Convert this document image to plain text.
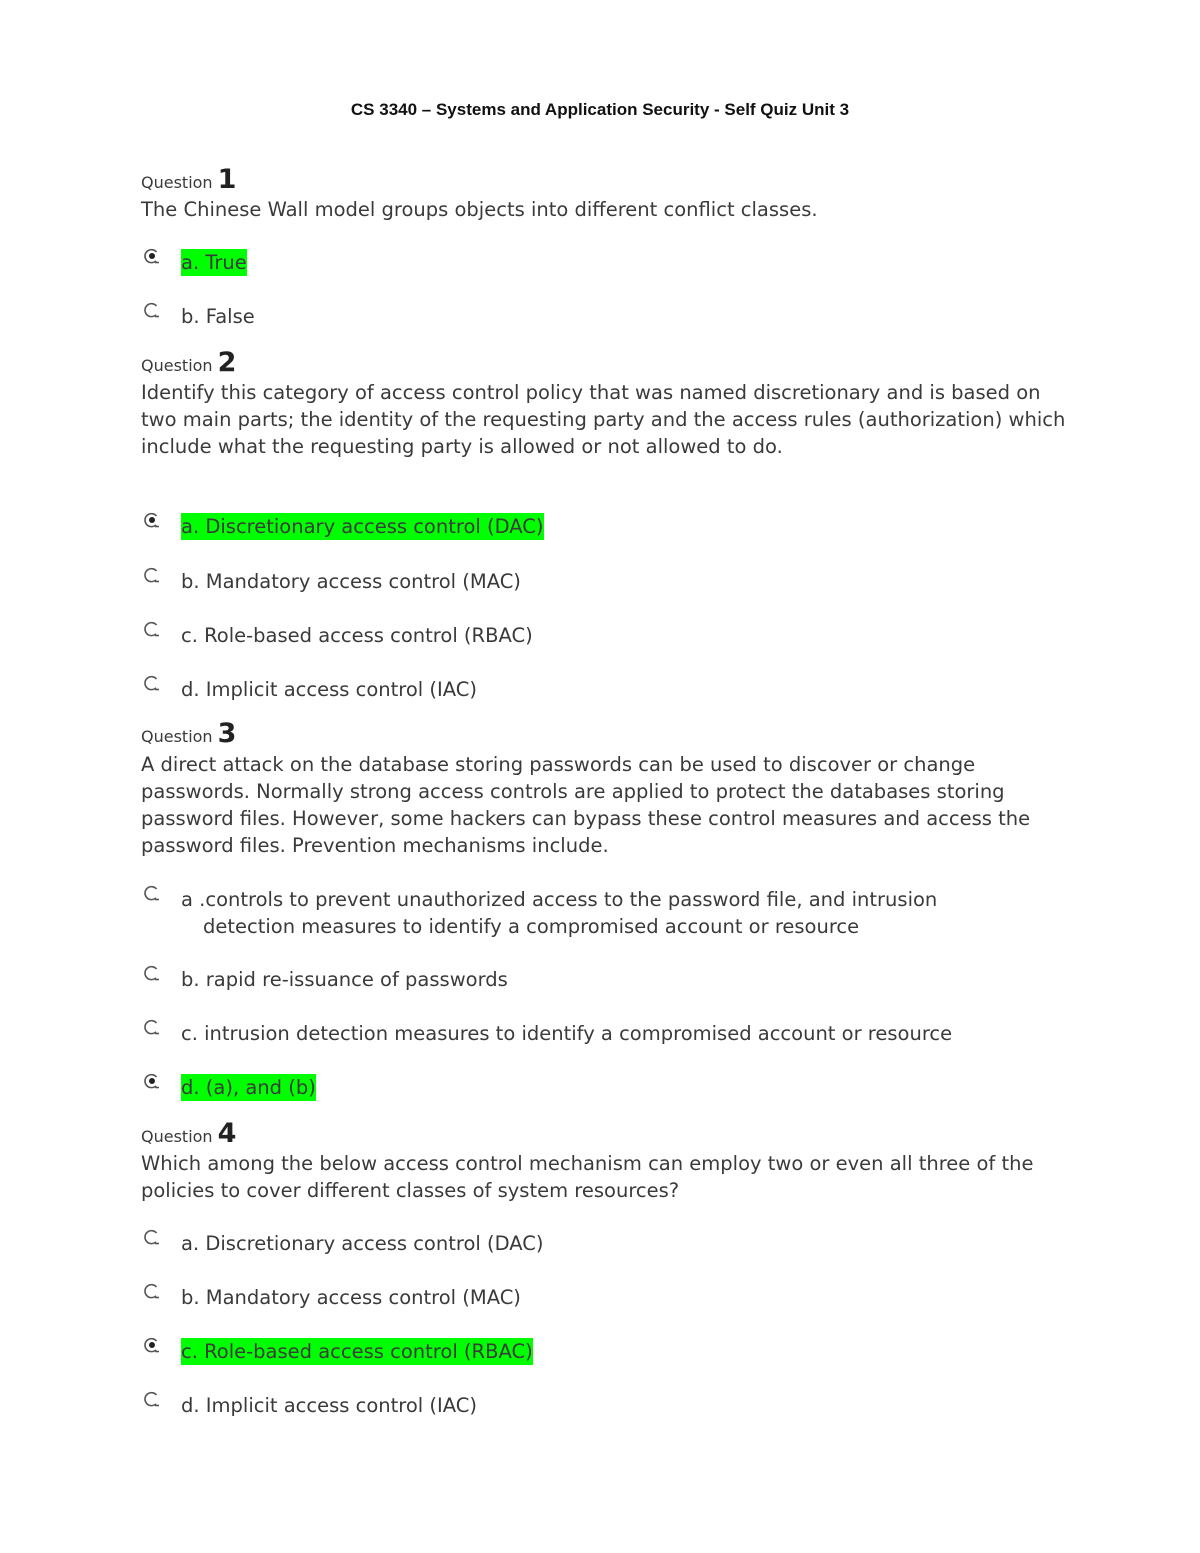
CS 3340 – Systems and Application Security - Self Quiz Unit 3
Question 1
The Chinese Wall model groups objects into different conflict classes.
a. True
b. False
Question 2
Identify this category of access control policy that was named discretionary and is based on two main parts; the identity of the requesting party and the access rules (authorization) which include what the requesting party is allowed or not allowed to do.
a. Discretionary access control (DAC)
b. Mandatory access control (MAC)
c. Role-based access control (RBAC)
d. Implicit access control (IAC)
Question 3
A direct attack on the database storing passwords can be used to discover or change passwords. Normally strong access controls are applied to protect the databases storing password files. However, some hackers can bypass these control measures and access the password files. Prevention mechanisms include.
a .controls to prevent unauthorized access to the password file, and intrusion
detection measures to identify a compromised account or resource
b. rapid re-issuance of passwords
c. intrusion detection measures to identify a compromised account or resource
d. (a), and (b)
Question 4
Which among the below access control mechanism can employ two or even all three of the policies to cover different classes of system resources?
a. Discretionary access control (DAC)
b. Mandatory access control (MAC)
c. Role-based access control (RBAC)
d. Implicit access control (IAC)
